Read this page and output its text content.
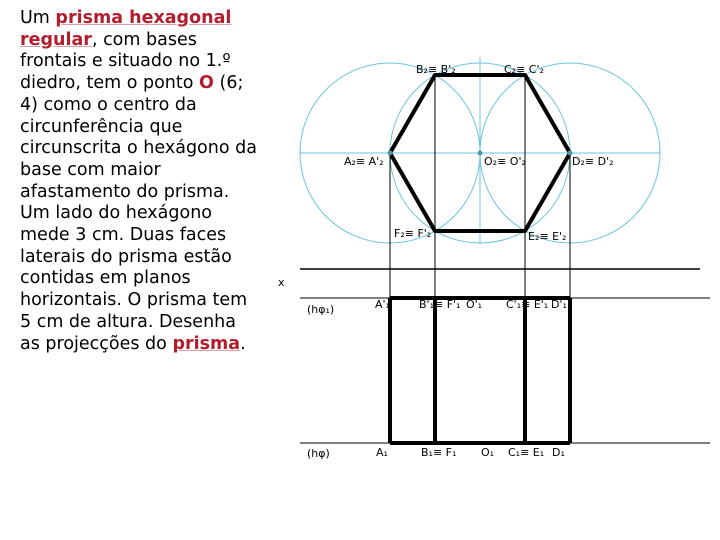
Um prisma hexagonal regular, com bases frontais e situado no 1.º diedro, tem o ponto O (6; 4) como o centro da circunferência que circunscrita o hexágono da base com maior afastamento do prisma. Um lado do hexágono mede 3 cm. Duas faces laterais do prisma estão contidas em planos horizontais. O prisma tem 5 cm de altura. Desenha as projecções do prisma.

B₂≡ B'₂	C₂≡ C'₂
A₂≡ A'₂	O₂≡ O'₂	D₂≡ D'₂
F₂≡ F'₂	E₂≡ E'₂
x
(hφ₁)	A'₁	B'₁≡ F'₁ O'₁ C'₁≡ E'₁ D'₁
(hφ)	A₁	B₁≡ F₁ O₁ C₁≡ E₁ D₁
